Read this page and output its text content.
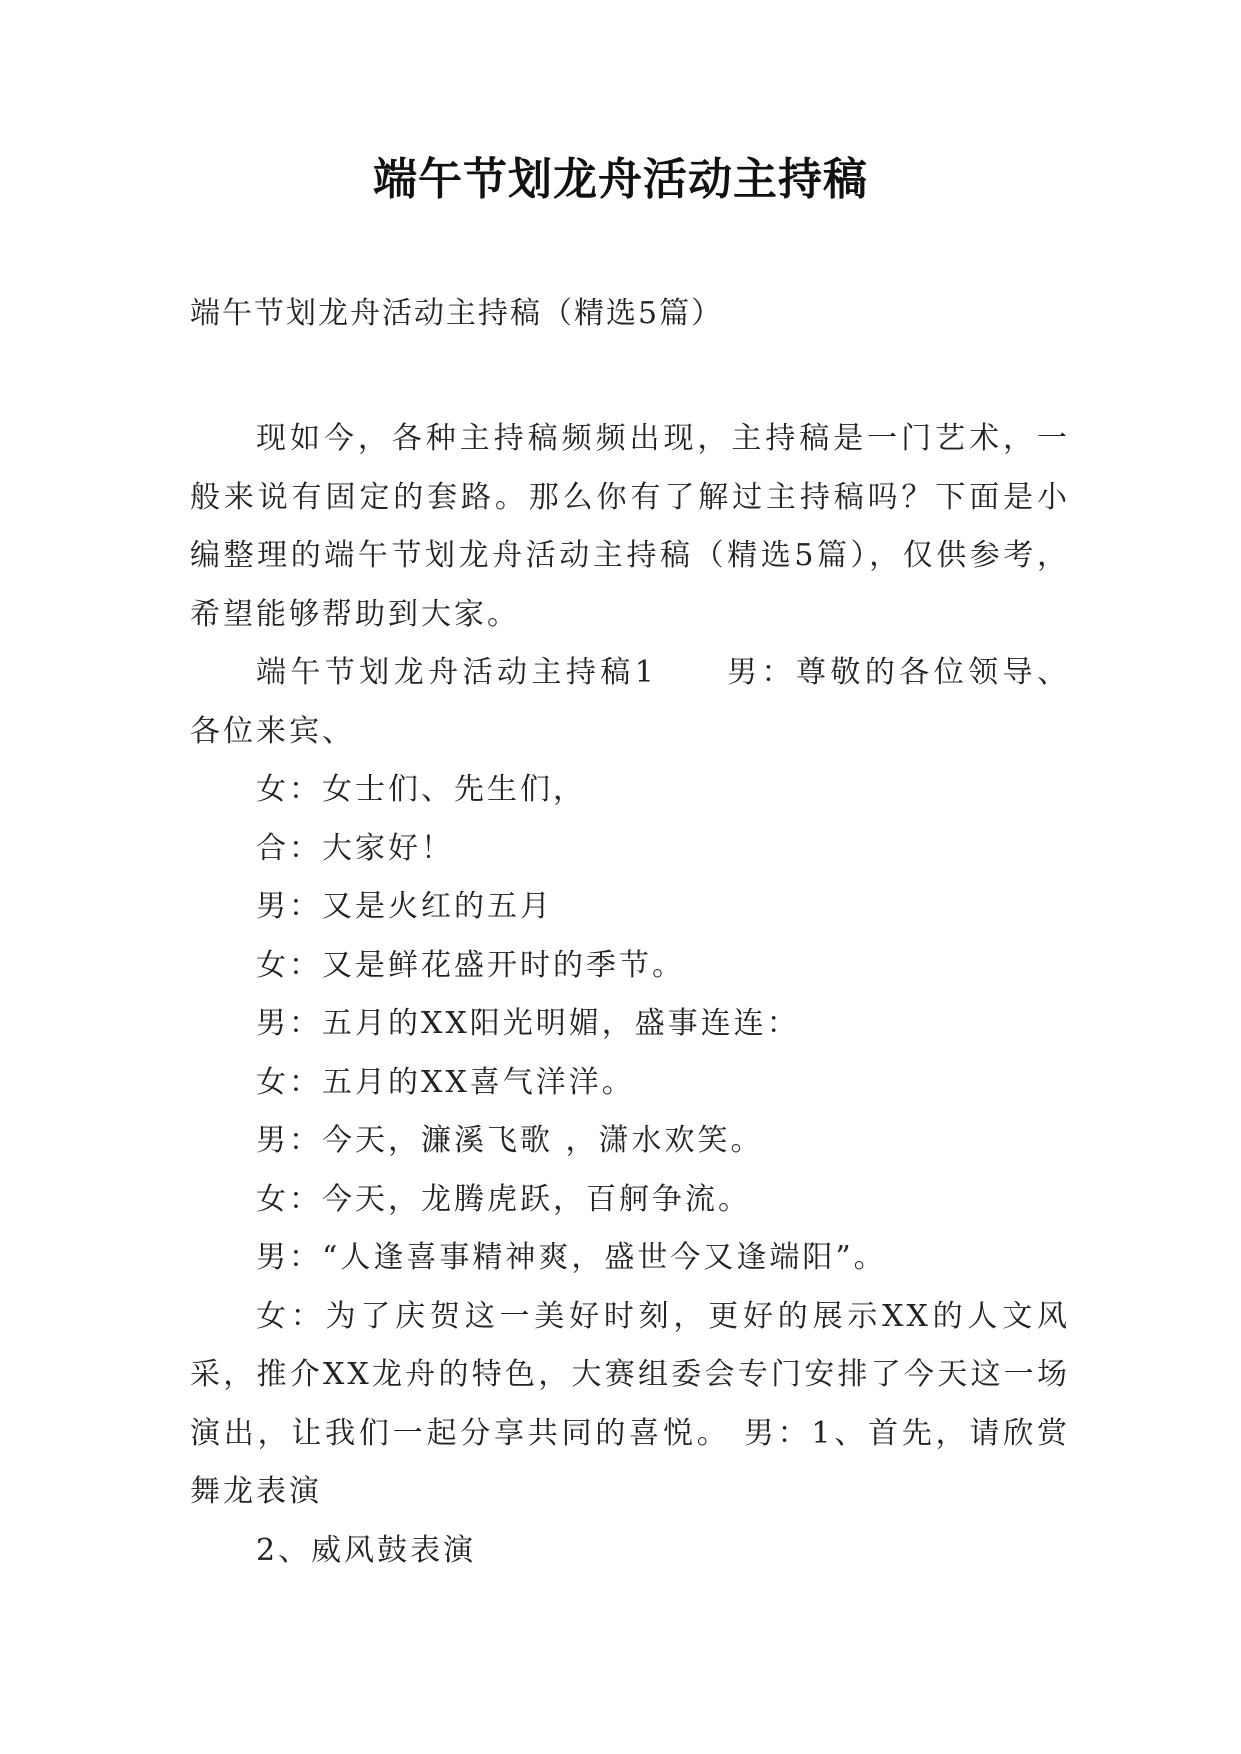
端午节划龙舟活动主持稿
端午节划龙舟活动主持稿（精选5篇）

现如今，各种主持稿频频出现，主持稿是一门艺术，一般来说有固定的套路。那么你有了解过主持稿吗？下面是小编整理的端午节划龙舟活动主持稿（精选5篇），仅供参考，希望能够帮助到大家。

端午节划龙舟活动主持稿1　　男：尊敬的各位领导、各位来宾、

女：女士们、先生们，

合：大家好！

男：又是火红的五月

女：又是鲜花盛开时的季节。

男：五月的XX阳光明媚，盛事连连：

女：五月的XX喜气洋洋。

男：今天，濂溪飞歌 ，潇水欢笑。

女：今天，龙腾虎跃，百舸争流。

男：“人逢喜事精神爽，盛世今又逢端阳”。

女：为了庆贺这一美好时刻，更好的展示XX的人文风采，推介XX龙舟的特色，大赛组委会专门安排了今天这一场演出，让我们一起分享共同的喜悦。 男：1、首先，请欣赏舞龙表演

2、威风鼓表演
